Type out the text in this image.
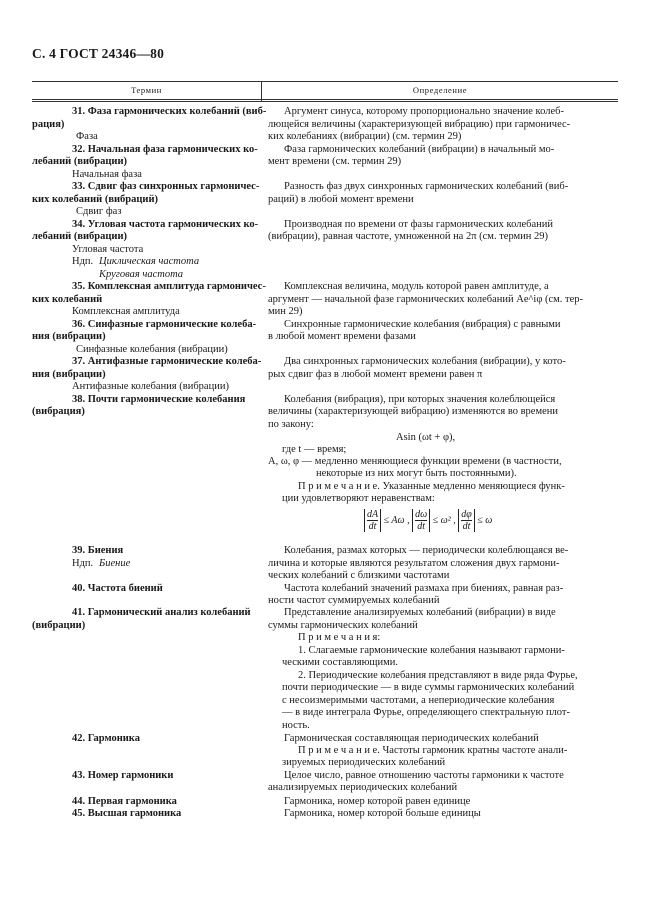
С. 4 ГОСТ 24346—80
Термин	Определение
31. Фаза гармонических колебаний (виб-
рация)
Фаза
32. Начальная фаза гармонических ко-
лебаний (вибрации)
Начальная фаза
33. Сдвиг фаз синхронных гармоничес-
ких колебаний (вибраций)
Сдвиг фаз
34. Угловая частота гармонических ко-
лебаний (вибрации)
Угловая частота
Ндп. Циклическая частота
Круговая частота
35. Комплексная амплитуда гармоничес-
ких колебаний
Комплексная амплитуда
36. Синфазные гармонические колеба-
ния (вибрации)
Синфазные колебания (вибрации)
37. Антифазные гармонические колеба-
ния (вибрации)
Антифазные колебания (вибрации)
38. Почти гармонические колебания
(вибрация)
39. Биения
Ндп. Биение
40. Частота биений
41. Гармонический анализ колебаний
(вибрации)
42. Гармоника
43. Номер гармоники
44. Первая гармоника
45. Высшая гармоника
Аргумент синуса, которому пропорционально значение колеб-
лющейся величины (характеризующей вибрацию) при гармоничес-
ких колебаниях (вибрации) (см. термин 29)
Фаза гармонических колебаний (вибрации) в начальный мо-
мент времени (см. термин 29)
Разность фаз двух синхронных гармонических колебаний (виб-
раций) в любой момент времени
Производная по времени от фазы гармонических колебаний
(вибрации), равная частоте, умноженной на 2π (см. термин 29)
Комплексная величина, модуль которой равен амплитуде, а
аргумент — начальной фазе гармонических колебаний Ae^iφ (см. тер-
мин 29)
Синхронные гармонические колебания (вибрация) с равными
в любой момент времени фазами
Два синхронных гармонических колебания (вибрации), у кото-
рых сдвиг фаз в любой момент времени равен π
Колебания (вибрация), при которых значения колеблющейся
величины (характеризующей вибрацию) изменяются во времени
по закону:
Asin (ωt + φ),
где t — время;
A, ω, φ — медленно меняющиеся функции времени (в частности,
некоторые из них могут быть постоянными).
П р и м е ч а н и е. Указанные медленно меняющиеся функ-
ции удовлетворяют неравенствам:
$\frac{dA}{dt} \le A\omega$ , $\frac{d\omega}{dt} \le \omega^2$ , $\frac{d\varphi}{dt} \le \omega$
Колебания, размах которых — периодически колеблющаяся ве-
личина и которые являются результатом сложения двух гармони-
ческих колебаний с близкими частотами
Частота колебаний значений размаха при биениях, равная раз-
ности частот суммируемых колебаний
Представление анализируемых колебаний (вибрации) в виде
суммы гармонических колебаний
П р и м е ч а н и я:
1. Слагаемые гармонические колебания называют гармони-
ческими составляющими.
2. Периодические колебания представляют в виде ряда Фурье,
почти периодические — в виде суммы гармонических колебаний
с несоизмеримыми частотами, а непериодические колебания
— в виде интеграла Фурье, определяющего спектральную плот-
ность.
Гармоническая составляющая периодических колебаний
П р и м е ч а н и е. Частоты гармоник кратны частоте анали-
зируемых периодических колебаний
Целое число, равное отношению частоты гармоники к частоте
анализируемых периодических колебаний
Гармоника, номер которой равен единице
Гармоника, номер которой больше единицы
